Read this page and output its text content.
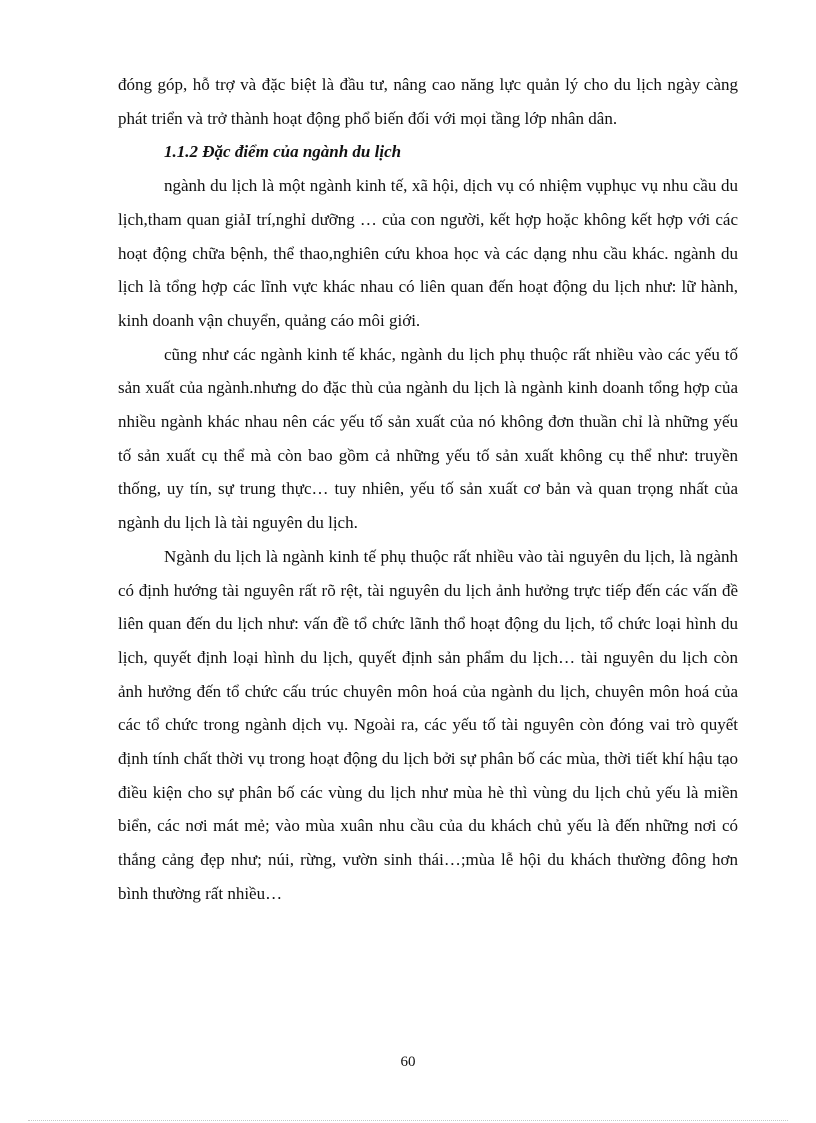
đóng góp, hỗ trợ và đặc biệt là đầu tư, nâng cao năng lực quản lý cho du lịch ngày càng phát triển và trở thành hoạt động phổ biến đối với mọi tầng lớp nhân dân.

1.1.2 Đặc điểm của ngành du lịch

ngành du lịch là một ngành kinh tế, xã hội, dịch vụ có nhiệm vụphục vụ nhu cầu du lịch,tham quan giảI trí,nghỉ dưỡng … của con người, kết hợp hoặc không kết hợp với các hoạt động chữa bệnh, thể thao,nghiên cứu khoa học và các dạng nhu cầu khác. ngành du lịch là tổng hợp các lĩnh vực khác nhau có liên quan đến hoạt động du lịch như: lữ hành, kinh doanh vận chuyển, quảng cáo môi giới.

cũng như các ngành kinh tế khác, ngành du lịch phụ thuộc rất nhiều vào các yếu tố sản xuất của ngành.nhưng do đặc thù của ngành du lịch là ngành kinh doanh tổng hợp của nhiều ngành khác nhau nên các yếu tố sản xuất của nó không đơn thuần chỉ là những yếu tố sản xuất cụ thể mà còn bao gồm cả những yếu tố sản xuất không cụ thể như: truyền thống, uy tín, sự trung thực… tuy nhiên, yếu tố sản xuất cơ bản và quan trọng nhất của ngành du lịch là tài nguyên du lịch.

Ngành du lịch là ngành kinh tế phụ thuộc rất nhiều vào tài nguyên du lịch, là ngành có định hướng tài nguyên rất rõ rệt, tài nguyên du lịch ảnh hưởng trực tiếp đến các vấn đề liên quan đến du lịch như: vấn đề tổ chức lãnh thổ hoạt động du lịch, tổ chức loại hình du lịch, quyết định loại hình du lịch, quyết định sản phẩm du lịch… tài nguyên du lịch còn ảnh hưởng đến tổ chức cấu trúc chuyên môn hoá của ngành du lịch, chuyên môn hoá của các tổ chức trong ngành dịch vụ. Ngoài ra, các yếu tố tài nguyên còn đóng vai trò quyết định tính chất thời vụ trong hoạt động du lịch bởi sự phân bố các mùa, thời tiết khí hậu tạo điều kiện cho sự phân bố các vùng du lịch như mùa hè thì vùng du lịch chủ yếu là miền biển, các nơi mát mẻ; vào mùa xuân nhu cầu của du khách chủ yếu là đến những nơi có thắng cảng đẹp như; núi, rừng, vườn sinh thái…;mùa lễ hội du khách thường đông hơn bình thường rất nhiều…

60
